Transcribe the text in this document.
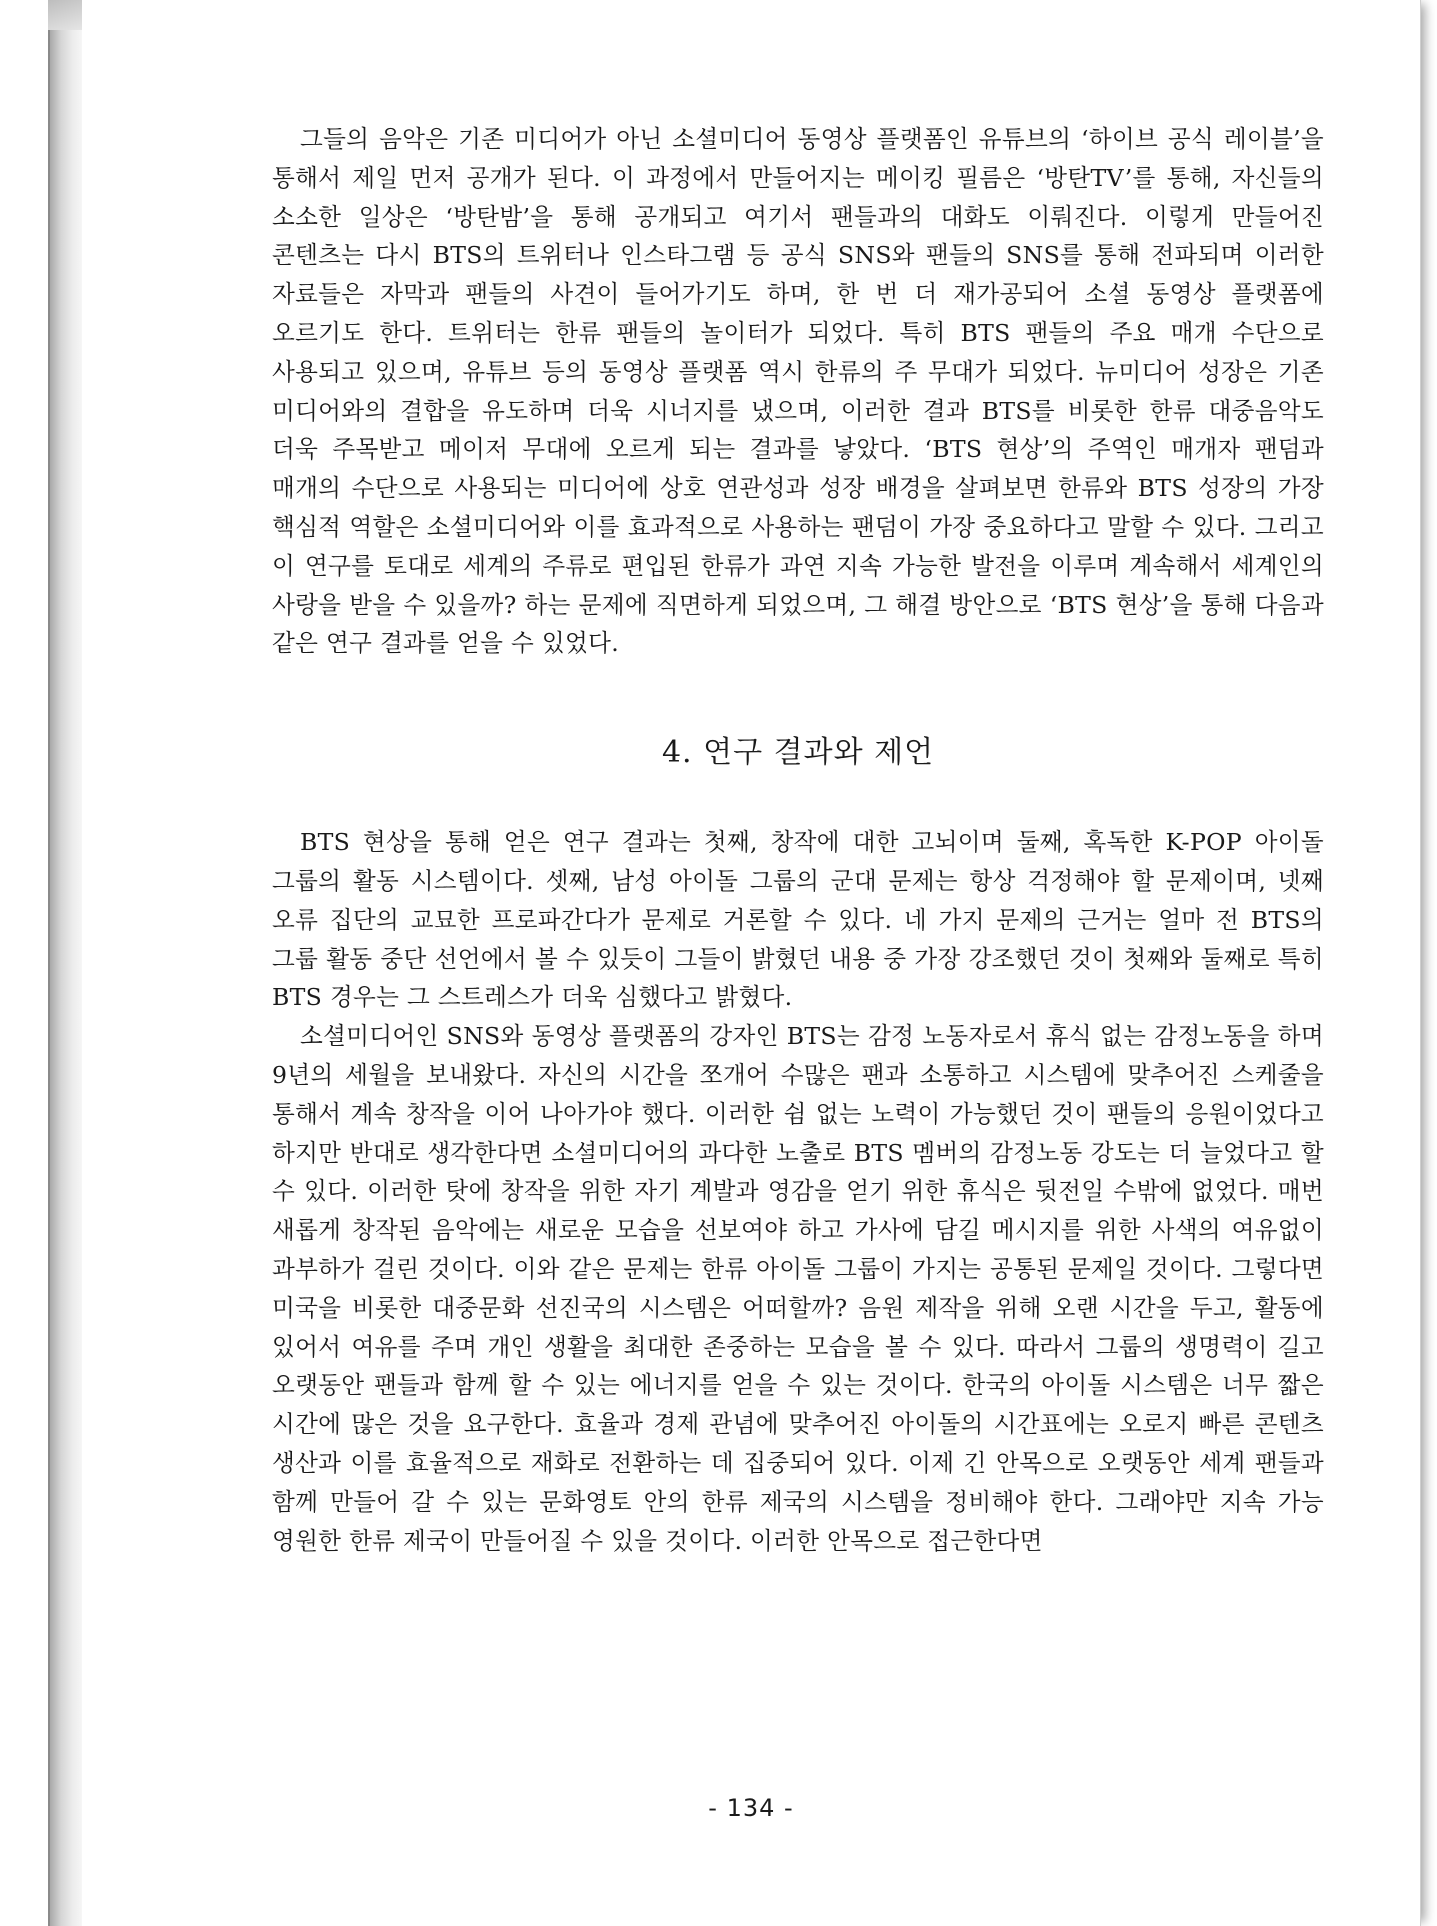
그들의 음악은 기존 미디어가 아닌 소셜미디어 동영상 플랫폼인 유튜브의 ‘하이브 공식 레이블’을 통해서 제일 먼저 공개가 된다. 이 과정에서 만들어지는 메이킹 필름은 ‘방탄TV’를 통해, 자신들의 소소한 일상은 ‘방탄밤’을 통해 공개되고 여기서 팬들과의 대화도 이뤄진다. 이렇게 만들어진 콘텐츠는 다시 BTS의 트위터나 인스타그램 등 공식 SNS와 팬들의 SNS를 통해 전파되며 이러한 자료들은 자막과 팬들의 사견이 들어가기도 하며, 한 번 더 재가공되어 소셜 동영상 플랫폼에 오르기도 한다. 트위터는 한류 팬들의 놀이터가 되었다. 특히 BTS 팬들의 주요 매개 수단으로 사용되고 있으며, 유튜브 등의 동영상 플랫폼 역시 한류의 주 무대가 되었다. 뉴미디어 성장은 기존 미디어와의 결합을 유도하며 더욱 시너지를 냈으며, 이러한 결과 BTS를 비롯한 한류 대중음악도 더욱 주목받고 메이저 무대에 오르게 되는 결과를 낳았다. ‘BTS 현상’의 주역인 매개자 팬덤과 매개의 수단으로 사용되는 미디어에 상호 연관성과 성장 배경을 살펴보면 한류와 BTS 성장의 가장 핵심적 역할은 소셜미디어와 이를 효과적으로 사용하는 팬덤이 가장 중요하다고 말할 수 있다. 그리고 이 연구를 토대로 세계의 주류로 편입된 한류가 과연 지속 가능한 발전을 이루며 계속해서 세계인의 사랑을 받을 수 있을까? 하는 문제에 직면하게 되었으며, 그 해결 방안으로 ‘BTS 현상’을 통해 다음과 같은 연구 결과를 얻을 수 있었다.

4. 연구 결과와 제언

BTS 현상을 통해 얻은 연구 결과는 첫째, 창작에 대한 고뇌이며 둘째, 혹독한 K-POP 아이돌 그룹의 활동 시스템이다. 셋째, 남성 아이돌 그룹의 군대 문제는 항상 걱정해야 할 문제이며, 넷째 오류 집단의 교묘한 프로파간다가 문제로 거론할 수 있다. 네 가지 문제의 근거는 얼마 전 BTS의 그룹 활동 중단 선언에서 볼 수 있듯이 그들이 밝혔던 내용 중 가장 강조했던 것이 첫째와 둘째로 특히 BTS 경우는 그 스트레스가 더욱 심했다고 밝혔다.

소셜미디어인 SNS와 동영상 플랫폼의 강자인 BTS는 감정 노동자로서 휴식 없는 감정노동을 하며 9년의 세월을 보내왔다. 자신의 시간을 쪼개어 수많은 팬과 소통하고 시스템에 맞추어진 스케줄을 통해서 계속 창작을 이어 나아가야 했다. 이러한 쉼 없는 노력이 가능했던 것이 팬들의 응원이었다고 하지만 반대로 생각한다면 소셜미디어의 과다한 노출로 BTS 멤버의 감정노동 강도는 더 늘었다고 할 수 있다. 이러한 탓에 창작을 위한 자기 계발과 영감을 얻기 위한 휴식은 뒷전일 수밖에 없었다. 매번 새롭게 창작된 음악에는 새로운 모습을 선보여야 하고 가사에 담길 메시지를 위한 사색의 여유없이 과부하가 걸린 것이다. 이와 같은 문제는 한류 아이돌 그룹이 가지는 공통된 문제일 것이다. 그렇다면 미국을 비롯한 대중문화 선진국의 시스템은 어떠할까? 음원 제작을 위해 오랜 시간을 두고, 활동에 있어서 여유를 주며 개인 생활을 최대한 존중하는 모습을 볼 수 있다. 따라서 그룹의 생명력이 길고 오랫동안 팬들과 함께 할 수 있는 에너지를 얻을 수 있는 것이다. 한국의 아이돌 시스템은 너무 짧은 시간에 많은 것을 요구한다. 효율과 경제 관념에 맞추어진 아이돌의 시간표에는 오로지 빠른 콘텐츠 생산과 이를 효율적으로 재화로 전환하는 데 집중되어 있다. 이제 긴 안목으로 오랫동안 세계 팬들과 함께 만들어 갈 수 있는 문화영토 안의 한류 제국의 시스템을 정비해야 한다. 그래야만 지속 가능 영원한 한류 제국이 만들어질 수 있을 것이다. 이러한 안목으로 접근한다면

- 134 -
